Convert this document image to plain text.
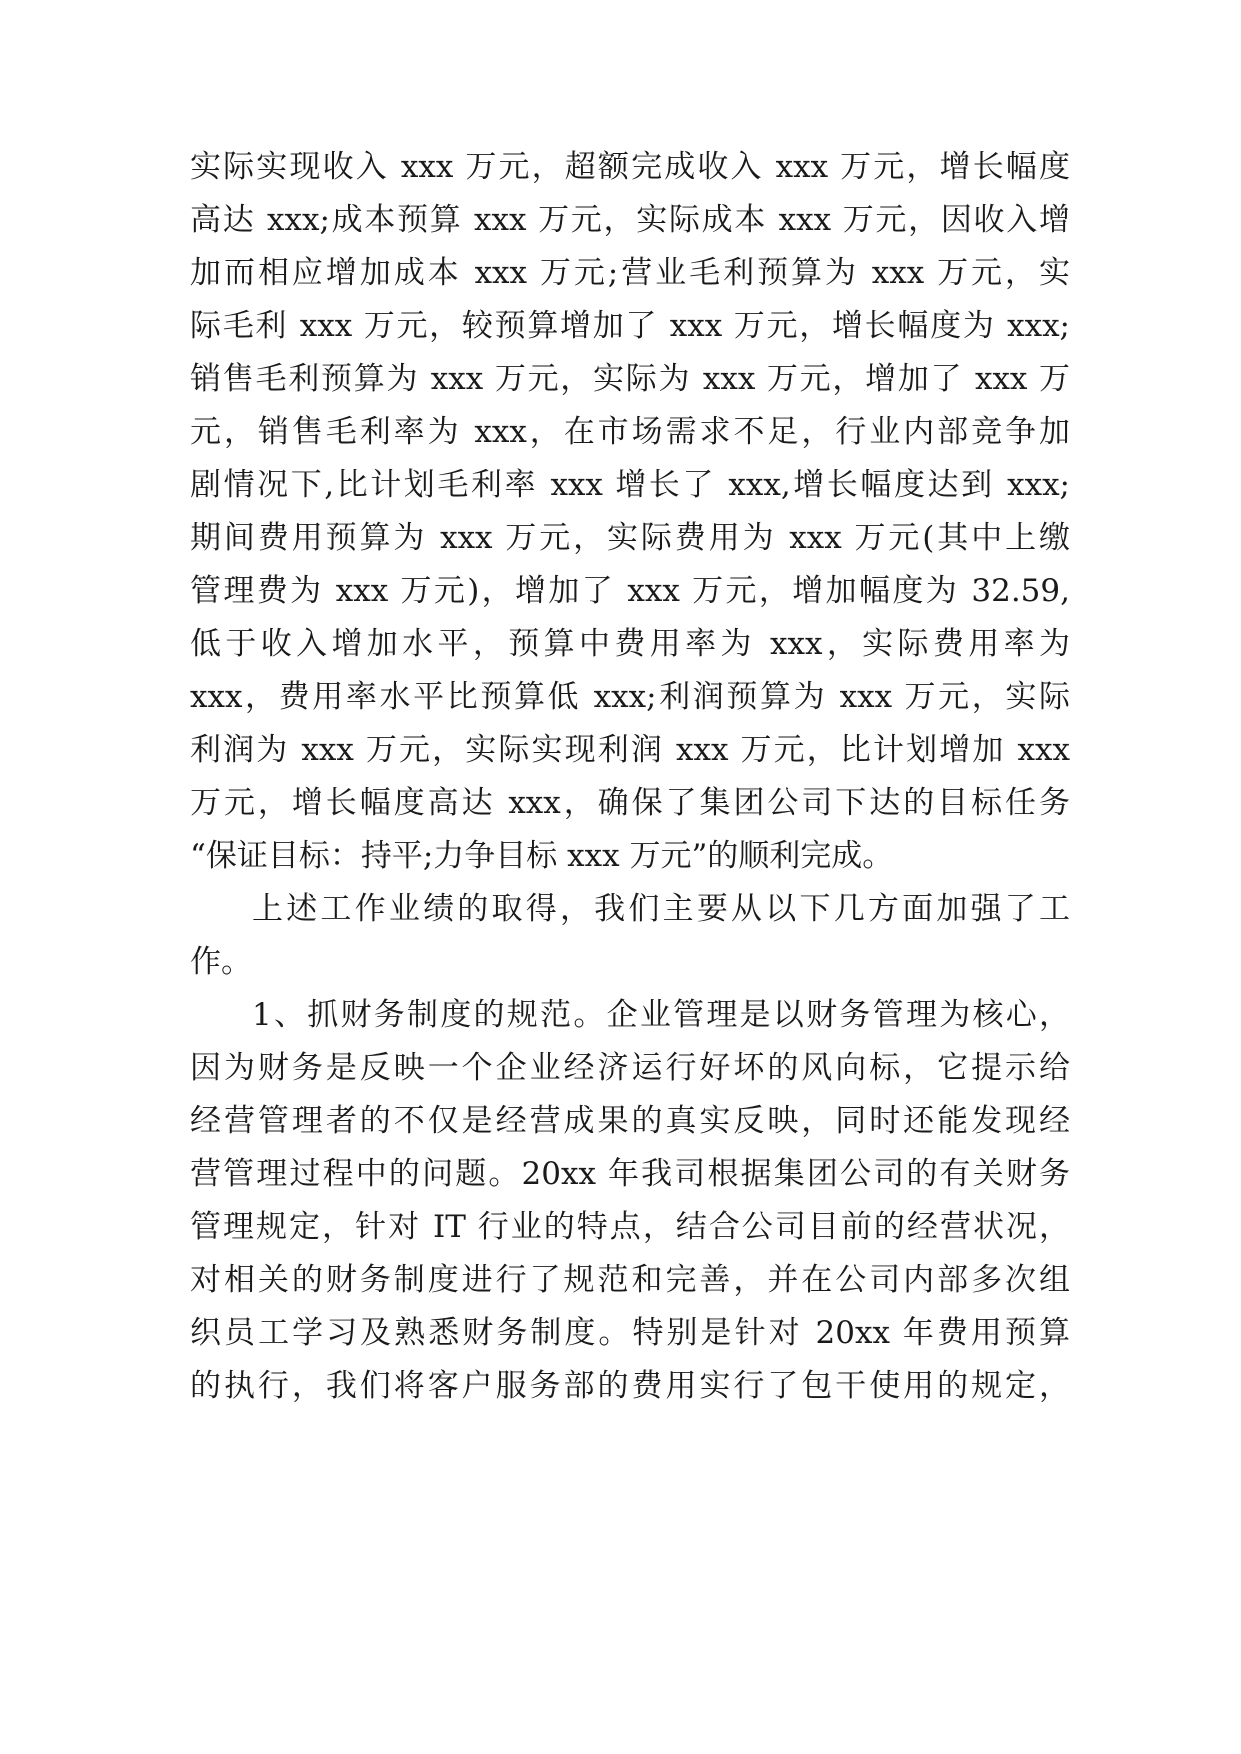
实际实现收入 xxx 万元，超额完成收入 xxx 万元，增长幅度
高达 xxx;成本预算 xxx 万元，实际成本 xxx 万元，因收入增
加而相应增加成本 xxx 万元;营业毛利预算为 xxx 万元，实
际毛利 xxx 万元，较预算增加了 xxx 万元，增长幅度为 xxx;
销售毛利预算为 xxx 万元，实际为 xxx 万元，增加了 xxx 万
元，销售毛利率为 xxx，在市场需求不足，行业内部竞争加
剧情况下,比计划毛利率 xxx 增长了 xxx,增长幅度达到 xxx;
期间费用预算为 xxx 万元，实际费用为 xxx 万元(其中上缴
管理费为 xxx 万元)，增加了 xxx 万元，增加幅度为 32.59,
低于收入增加水平，预算中费用率为 xxx，实际费用率为
xxx，费用率水平比预算低 xxx;利润预算为 xxx 万元，实际
利润为 xxx 万元，实际实现利润 xxx 万元，比计划增加 xxx
万元，增长幅度高达 xxx，确保了集团公司下达的目标任务
“保证目标：持平;力争目标 xxx 万元”的顺利完成。
上述工作业绩的取得，我们主要从以下几方面加强了工
作。
1、抓财务制度的规范。企业管理是以财务管理为核心，
因为财务是反映一个企业经济运行好坏的风向标，它提示给
经营管理者的不仅是经营成果的真实反映，同时还能发现经
营管理过程中的问题。20xx 年我司根据集团公司的有关财务
管理规定，针对 IT 行业的特点，结合公司目前的经营状况，
对相关的财务制度进行了规范和完善，并在公司内部多次组
织员工学习及熟悉财务制度。特别是针对 20xx 年费用预算
的执行，我们将客户服务部的费用实行了包干使用的规定，
